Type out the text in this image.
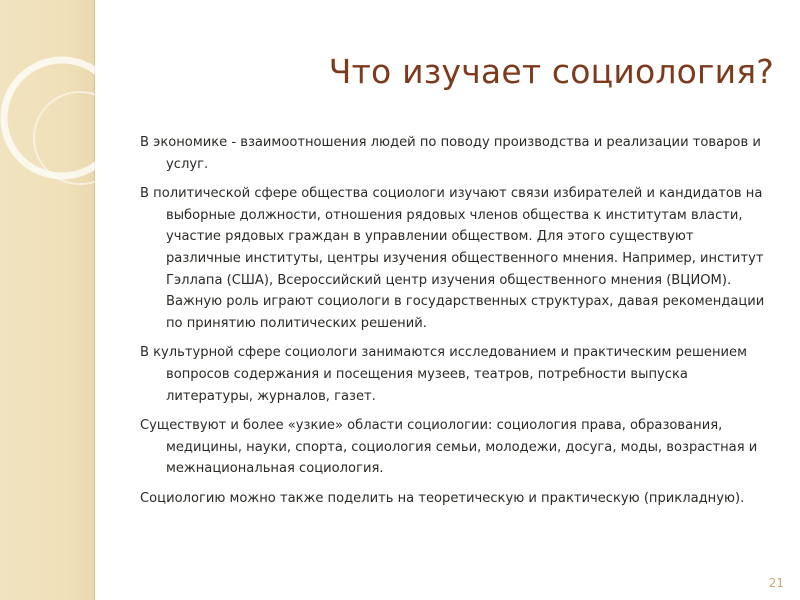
Что изучает социология?
В экономике - взаимоотношения людей по поводу производства и реализации товаров и услуг.
В политической сфере общества социологи изучают связи избирателей и кандидатов на выборные должности, отношения рядовых членов общества к институтам власти, участие рядовых граждан в управлении обществом. Для этого существуют различные институты, центры изучения общественного мнения. Например, институт Гэллапа (США), Всероссийский центр изучения общественного мнения (ВЦИОМ). Важную роль играют социологи в государственных структурах, давая рекомендации по принятию политических решений.
В культурной сфере социологи занимаются исследованием и практическим решением вопросов содержания и посещения музеев, театров, потребности выпуска литературы, журналов, газет.
Существуют и более «узкие» области социологии: социология права, образования, медицины, науки, спорта, социология семьи, молодежи, досуга, моды, возрастная и межнациональная социология.
Социологию можно также поделить на теоретическую и практическую (прикладную).
21
